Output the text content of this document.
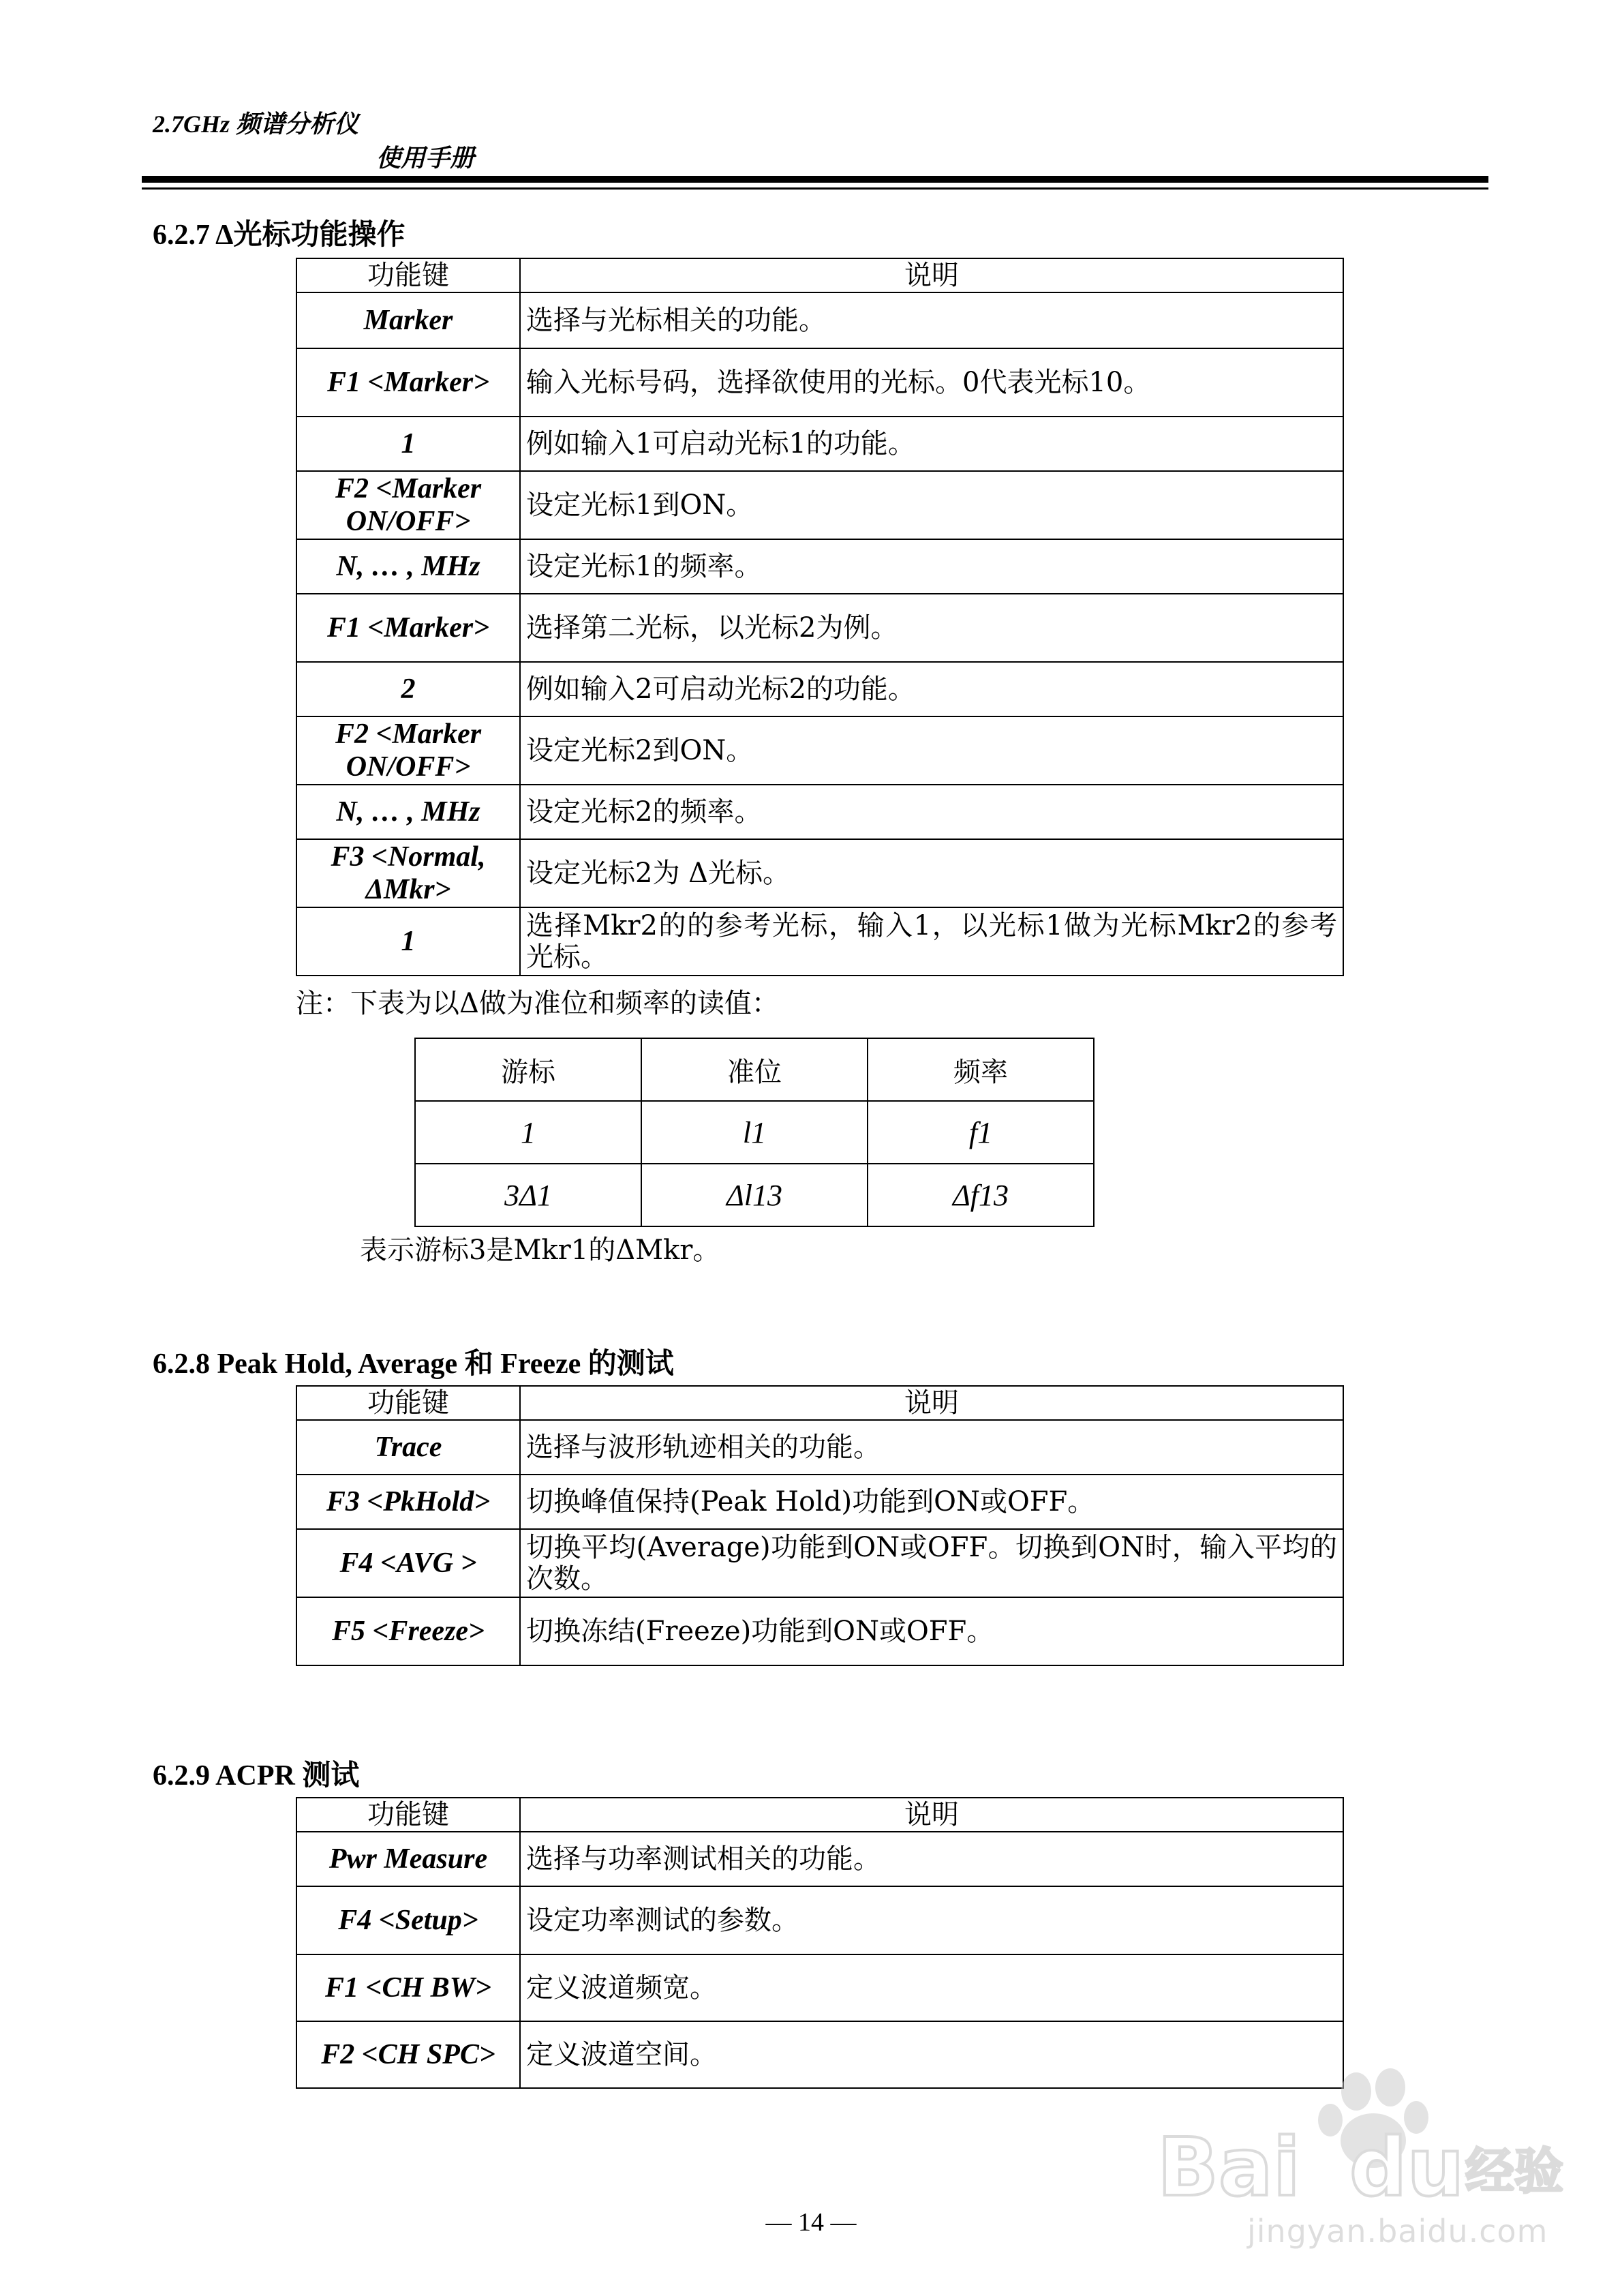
2.7GHz 频谱分析仪
使用手册
6.2.7 Δ光标功能操作
功能键	说明
Marker	选择与光标相关的功能。
F1 <Marker>	输入光标号码，选择欲使用的光标。0代表光标10。
1	例如输入1可启动光标1的功能。
F2 <Marker ON/OFF>	设定光标1到ON。
N, … , MHz	设定光标1的频率。
F1 <Marker>	选择第二光标，以光标2为例。
2	例如输入2可启动光标2的功能。
F2 <Marker ON/OFF>	设定光标2到ON。
N, … , MHz	设定光标2的频率。
F3 <Normal, ΔMkr>	设定光标2为 Δ光标。
1	选择Mkr2的的参考光标，输入1，以光标1做为光标Mkr2的参考光标。
注：下表为以Δ做为准位和频率的读值：
游标	准位	频率
1	l1	f1
3Δ1	Δl13	Δf13
表示游标3是Mkr1的ΔMkr。
6.2.8 Peak Hold, Average 和 Freeze 的测试
功能键	说明
Trace	选择与波形轨迹相关的功能。
F3 <PkHold>	切换峰值保持(Peak Hold)功能到ON或OFF。
F4 <AVG >	切换平均(Average)功能到ON或OFF。切换到ON时，输入平均的次数。
F5 <Freeze>	切换冻结(Freeze)功能到ON或OFF。
6.2.9 ACPR 测试
功能键	说明
Pwr Measure	选择与功率测试相关的功能。
F4 <Setup>	设定功率测试的参数。
F1 <CH BW>	定义波道频宽。
F2 <CH SPC>	定义波道空间。
— 14 —
Bai du 经验
jingyan.baidu.com
